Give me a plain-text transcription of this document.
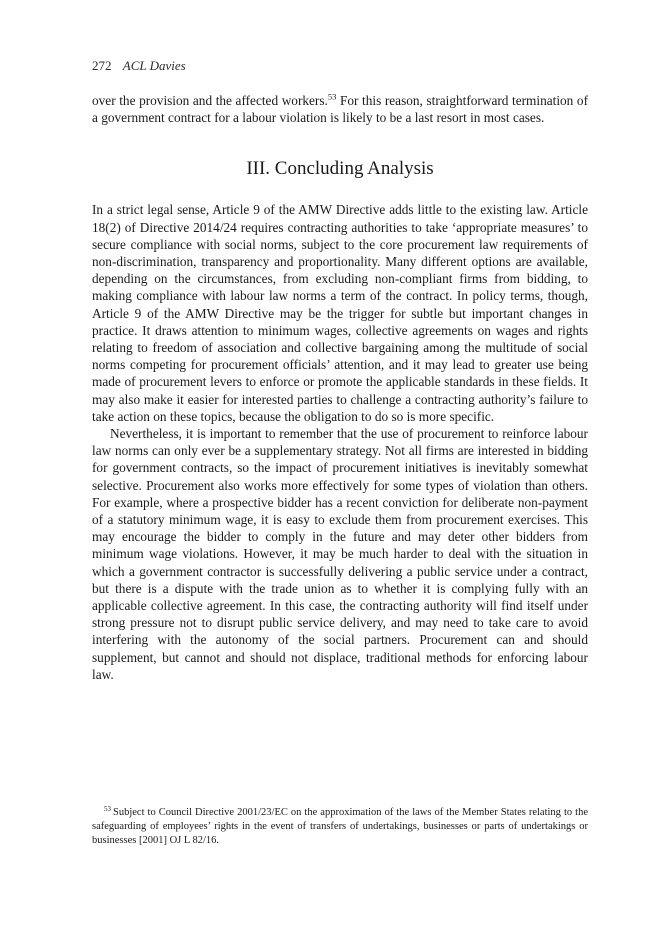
272 ACL Davies

over the provision and the affected workers.$^{53}$ For this reason, straightforward termination of a government contract for a labour violation is likely to be a last resort in most cases.

III. Concluding Analysis

In a strict legal sense, Article 9 of the AMW Directive adds little to the existing law. Article 18(2) of Directive 2014/24 requires contracting authorities to take ‘appropriate measures’ to secure compliance with social norms, subject to the core procurement law requirements of non-discrimination, transparency and proportionality. Many different options are available, depending on the circumstances, from excluding non-compliant firms from bidding, to making compliance with labour law norms a term of the contract. In policy terms, though, Article 9 of the AMW Directive may be the trigger for subtle but important changes in practice. It draws attention to minimum wages, collective agreements on wages and rights relating to freedom of association and collective bargaining among the multitude of social norms competing for procurement officials’ attention, and it may lead to greater use being made of procurement levers to enforce or promote the applicable standards in these fields. It may also make it easier for interested parties to challenge a contracting authority’s failure to take action on these topics, because the obligation to do so is more specific.

Nevertheless, it is important to remember that the use of procurement to reinforce labour law norms can only ever be a supplementary strategy. Not all firms are interested in bidding for government contracts, so the impact of procurement initiatives is inevitably somewhat selective. Procurement also works more effectively for some types of violation than others. For example, where a prospective bidder has a recent conviction for deliberate non-payment of a statutory minimum wage, it is easy to exclude them from procurement exercises. This may encourage the bidder to comply in the future and may deter other bidders from minimum wage violations. However, it may be much harder to deal with the situation in which a government contractor is successfully delivering a public service under a contract, but there is a dispute with the trade union as to whether it is complying fully with an applicable collective agreement. In this case, the contracting authority will find itself under strong pressure not to disrupt public service delivery, and may need to take care to avoid interfering with the autonomy of the social partners. Procurement can and should supplement, but cannot and should not displace, traditional methods for enforcing labour law.

$^{53}$ Subject to Council Directive 2001/23/EC on the approximation of the laws of the Member States relating to the safeguarding of employees’ rights in the event of transfers of undertakings, businesses or parts of undertakings or businesses [2001] OJ L 82/16.
